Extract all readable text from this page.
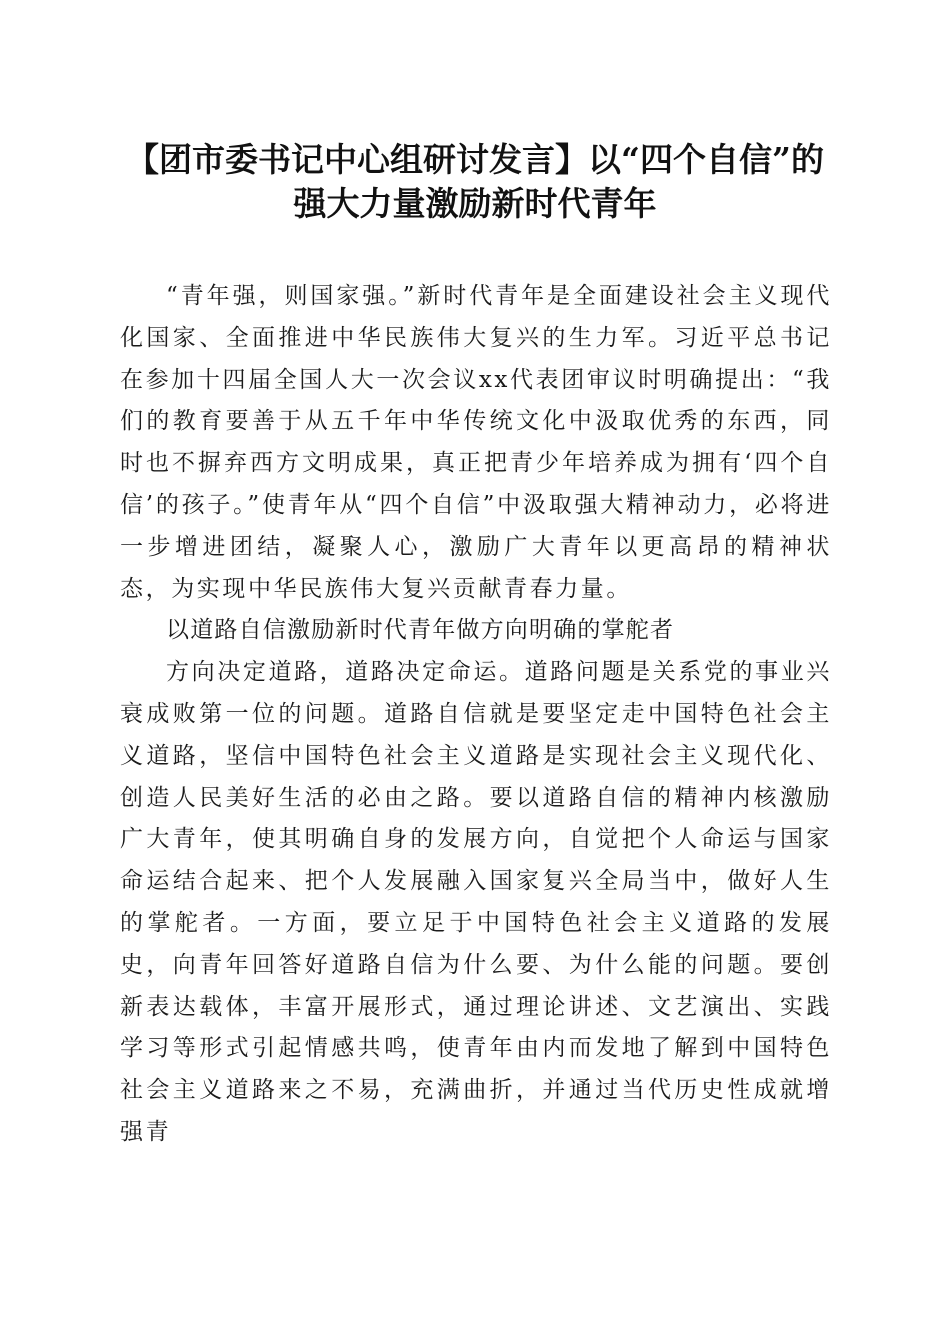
【团市委书记中心组研讨发言】以“四个自信”的强大力量激励新时代青年

“青年强，则国家强。”新时代青年是全面建设社会主义现代化国家、全面推进中华民族伟大复兴的生力军。习近平总书记在参加十四届全国人大一次会议xx代表团审议时明确提出：“我们的教育要善于从五千年中华传统文化中汲取优秀的东西，同时也不摒弃西方文明成果，真正把青少年培养成为拥有‘四个自信’的孩子。”使青年从“四个自信”中汲取强大精神动力，必将进一步增进团结，凝聚人心，激励广大青年以更高昂的精神状态，为实现中华民族伟大复兴贡献青春力量。

以道路自信激励新时代青年做方向明确的掌舵者

方向决定道路，道路决定命运。道路问题是关系党的事业兴衰成败第一位的问题。道路自信就是要坚定走中国特色社会主义道路，坚信中国特色社会主义道路是实现社会主义现代化、创造人民美好生活的必由之路。要以道路自信的精神内核激励广大青年，使其明确自身的发展方向，自觉把个人命运与国家命运结合起来、把个人发展融入国家复兴全局当中，做好人生的掌舵者。一方面，要立足于中国特色社会主义道路的发展史，向青年回答好道路自信为什么要、为什么能的问题。要创新表达载体，丰富开展形式，通过理论讲述、文艺演出、实践学习等形式引起情感共鸣，使青年由内而发地了解到中国特色社会主义道路来之不易，充满曲折，并通过当代历史性成就增强青
